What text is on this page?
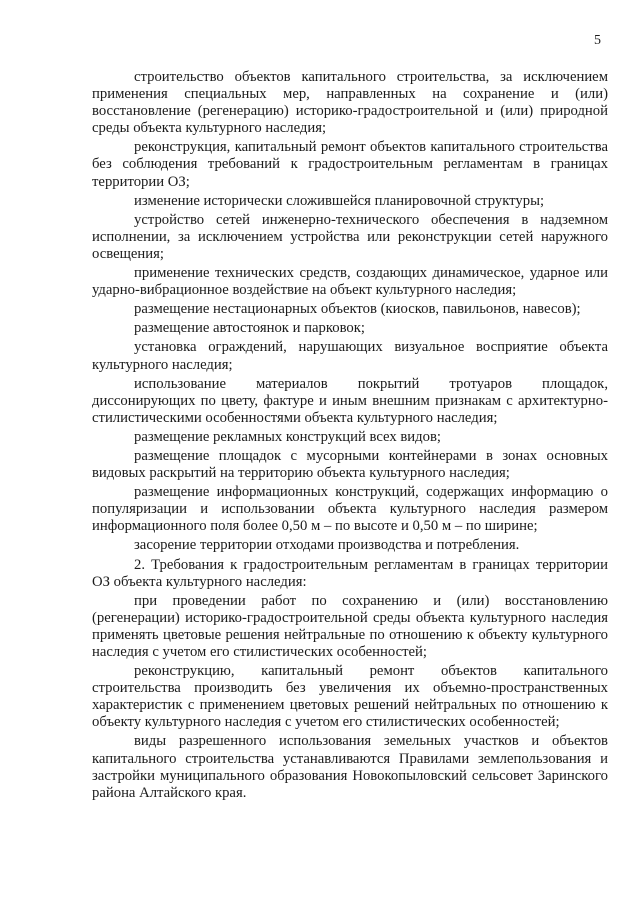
5

строительство объектов капитального строительства, за исключением применения специальных мер, направленных на сохранение и (или) восстановление (регенерацию) историко-градостроительной и (или) природной среды объекта культурного наследия;

реконструкция, капитальный ремонт объектов капитального строительства без соблюдения требований к градостроительным регламентам в границах территории ОЗ;

изменение исторически сложившейся планировочной структуры;

устройство сетей инженерно-технического обеспечения в надземном исполнении, за исключением устройства или реконструкции сетей наружного освещения;

применение технических средств, создающих динамическое, ударное или ударно-вибрационное воздействие на объект культурного наследия;

размещение нестационарных объектов (киосков, павильонов, навесов);

размещение автостоянок и парковок;

установка ограждений, нарушающих визуальное восприятие объекта культурного наследия;

использование материалов покрытий тротуаров площадок, диссонирующих по цвету, фактуре и иным внешним признакам с архитектурно-стилистическими особенностями объекта культурного наследия;

размещение рекламных конструкций всех видов;

размещение площадок с мусорными контейнерами в зонах основных видовых раскрытий на территорию объекта культурного наследия;

размещение информационных конструкций, содержащих информацию о популяризации и использовании объекта культурного наследия размером информационного поля более 0,50 м – по высоте и 0,50 м – по ширине;

засорение территории отходами производства и потребления.

2. Требования к градостроительным регламентам в границах территории ОЗ объекта культурного наследия:

при проведении работ по сохранению и (или) восстановлению (регенерации) историко-градостроительной среды объекта культурного наследия применять цветовые решения нейтральные по отношению к объекту культурного наследия с учетом его стилистических особенностей;

реконструкцию, капитальный ремонт объектов капитального строительства производить без увеличения их объемно-пространственных характеристик с применением цветовых решений нейтральных по отношению к объекту культурного наследия с учетом его стилистических особенностей;

виды разрешенного использования земельных участков и объектов капитального строительства устанавливаются Правилами землепользования и застройки муниципального образования Новокопыловский сельсовет Заринского района Алтайского края.
